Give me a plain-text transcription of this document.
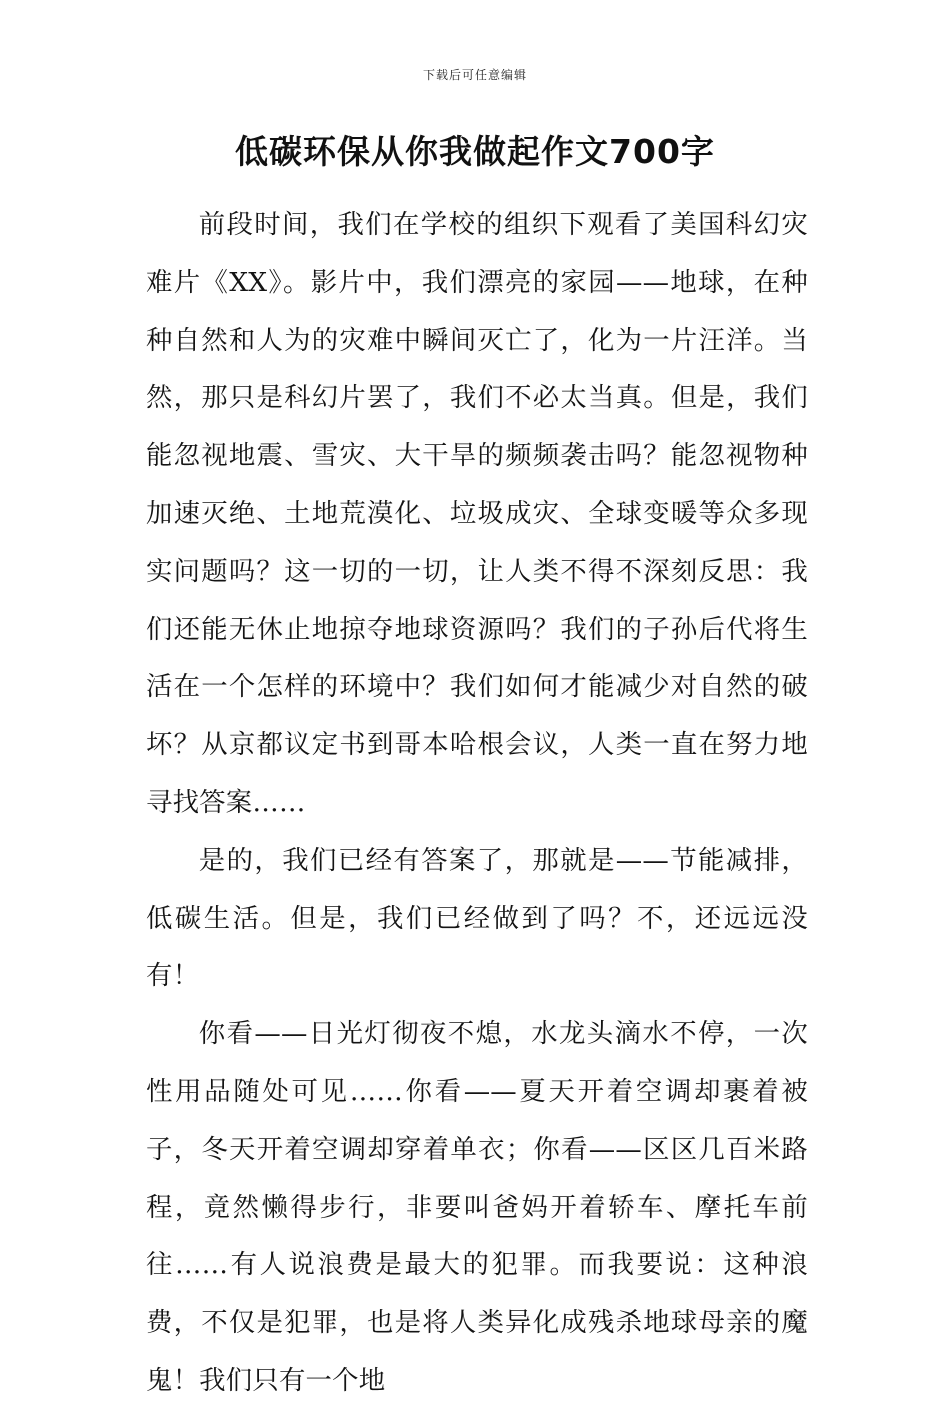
下载后可任意编辑
低碳环保从你我做起作文700字

前段时间，我们在学校的组织下观看了美国科幻灾难片《XX》。影片中，我们漂亮的家园——地球，在种种自然和人为的灾难中瞬间灭亡了，化为一片汪洋。当然，那只是科幻片罢了，我们不必太当真。但是，我们能忽视地震、雪灾、大干旱的频频袭击吗？能忽视物种加速灭绝、土地荒漠化、垃圾成灾、全球变暖等众多现实问题吗？这一切的一切，让人类不得不深刻反思：我们还能无休止地掠夺地球资源吗？我们的子孙后代将生活在一个怎样的环境中？我们如何才能减少对自然的破坏？从京都议定书到哥本哈根会议，人类一直在努力地寻找答案……

是的，我们已经有答案了，那就是——节能减排，低碳生活。但是，我们已经做到了吗？不，还远远没有！

你看——日光灯彻夜不熄，水龙头滴水不停，一次性用品随处可见……你看——夏天开着空调却裹着被子，冬天开着空调却穿着单衣；你看——区区几百米路程，竟然懒得步行，非要叫爸妈开着轿车、摩托车前往……有人说浪费是最大的犯罪。而我要说：这种浪费，不仅是犯罪，也是将人类异化成残杀地球母亲的魔鬼！我们只有一个地
